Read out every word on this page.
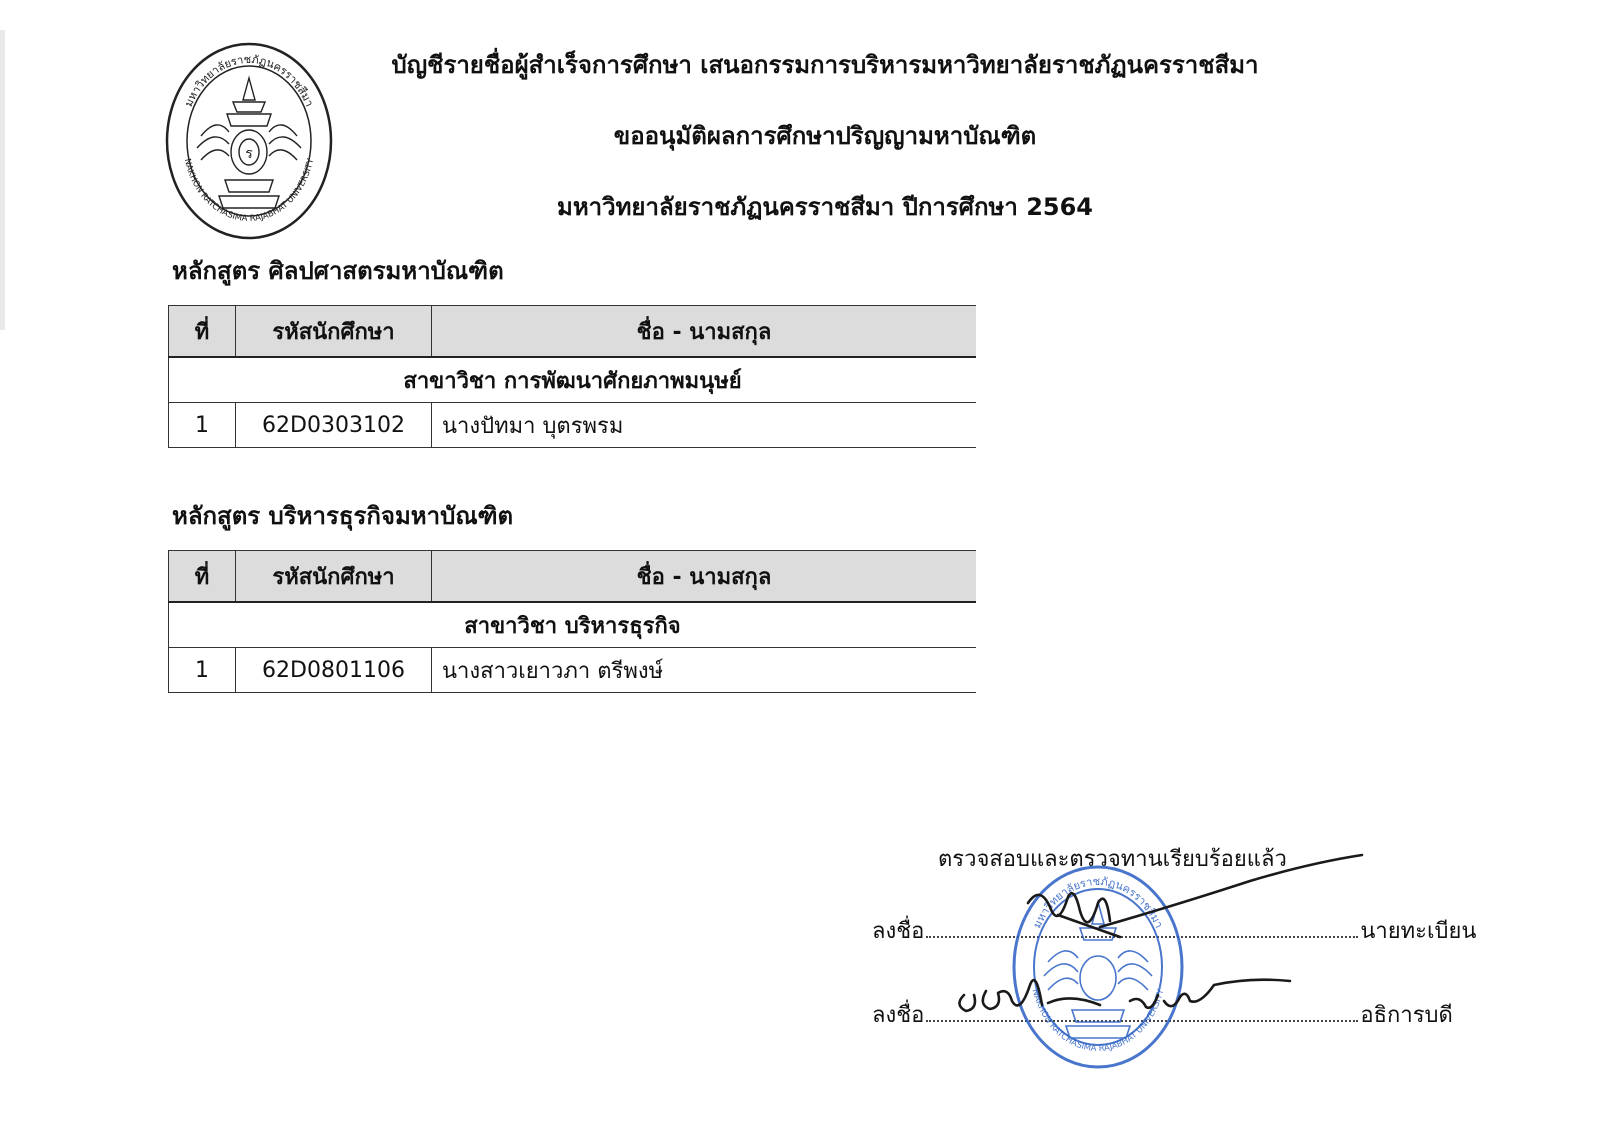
มหาวิทยาลัยราชภัฏนครราชสีมา
NAKHON RATCHASIMA RAJABHAT UNIVERSITY
ร
บัญชีรายชื่อผู้สำเร็จการศึกษา เสนอกรรมการบริหารมหาวิทยาลัยราชภัฏนครราชสีมา
ขออนุมัติผลการศึกษาปริญญามหาบัณฑิต
มหาวิทยาลัยราชภัฏนครราชสีมา ปีการศึกษา 2564
หลักสูตร ศิลปศาสตรมหาบัณฑิต
ที่	รหัสนักศึกษา	ชื่อ - นามสกุล
สาขาวิชา การพัฒนาศักยภาพมนุษย์		
1	62D0303102	นางปัทมา บุตรพรม
หลักสูตร บริหารธุรกิจมหาบัณฑิต
ที่	รหัสนักศึกษา	ชื่อ - นามสกุล
สาขาวิชา บริหารธุรกิจ		
1	62D0801106	นางสาวเยาวภา ตรีพงษ์
ตรวจสอบและตรวจทานเรียบร้อยแล้ว
ลงชื่อ	นายทะเบียน
ลงชื่อ	อธิการบดี
มหาวิทยาลัยราชภัฏนครราชสีมา
NAKHON RATCHASIMA RAJABHAT UNIVERSITY
